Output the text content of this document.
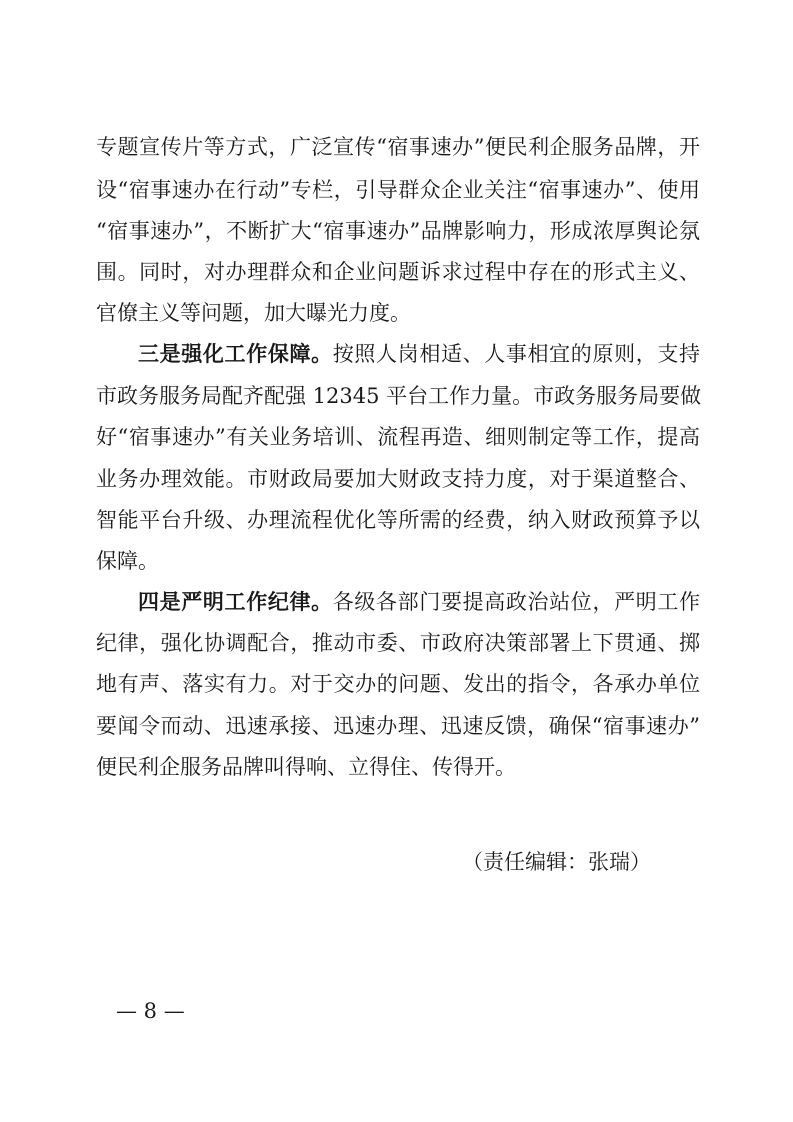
专题宣传片等方式，广泛宣传“宿事速办”便民利企服务品牌，开
设“宿事速办在行动”专栏，引导群众企业关注“宿事速办”、使用
“宿事速办”，不断扩大“宿事速办”品牌影响力，形成浓厚舆论氛
围。同时，对办理群众和企业问题诉求过程中存在的形式主义、
官僚主义等问题，加大曝光力度。
三是强化工作保障。按照人岗相适、人事相宜的原则，支持
市政务服务局配齐配强 12345 平台工作力量。市政务服务局要做
好“宿事速办”有关业务培训、流程再造、细则制定等工作，提高
业务办理效能。市财政局要加大财政支持力度，对于渠道整合、
智能平台升级、办理流程优化等所需的经费，纳入财政预算予以
保障。
四是严明工作纪律。各级各部门要提高政治站位，严明工作
纪律，强化协调配合，推动市委、市政府决策部署上下贯通、掷
地有声、落实有力。对于交办的问题、发出的指令，各承办单位
要闻令而动、迅速承接、迅速办理、迅速反馈，确保“宿事速办”
便民利企服务品牌叫得响、立得住、传得开。
（责任编辑：张瑞）
— 8 —
